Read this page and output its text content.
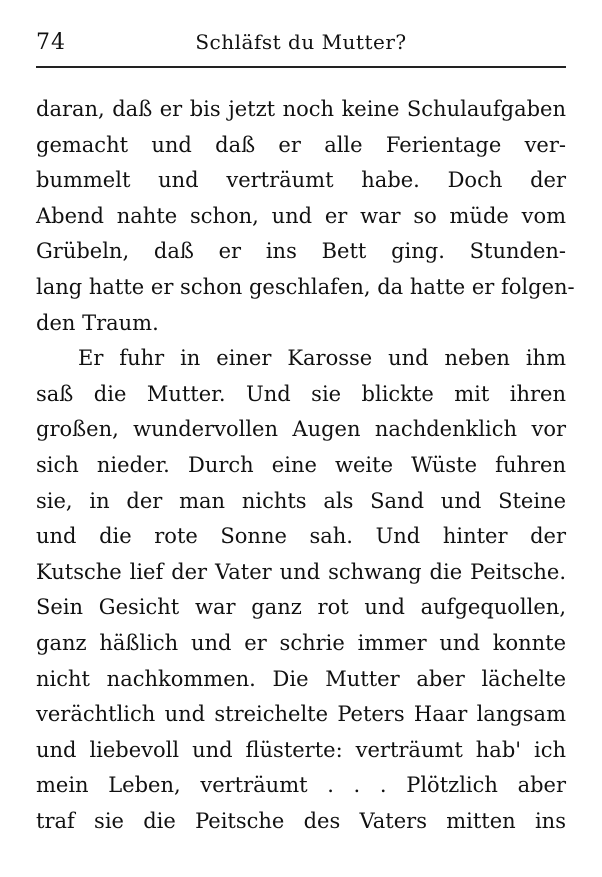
74	Schläfst du Mutter?
daran, daß er bis jetzt noch keine Schulaufgaben
gemacht und daß er alle Ferientage ver-
bummelt und verträumt habe. Doch der
Abend nahte schon, und er war so müde vom
Grübeln, daß er ins Bett ging. Stunden-
lang hatte er schon geschlafen, da hatte er folgen-
den Traum.
Er fuhr in einer Karosse und neben ihm
saß die Mutter. Und sie blickte mit ihren
großen, wundervollen Augen nachdenklich vor
sich nieder. Durch eine weite Wüste fuhren
sie, in der man nichts als Sand und Steine
und die rote Sonne sah. Und hinter der
Kutsche lief der Vater und schwang die Peitsche.
Sein Gesicht war ganz rot und aufgequollen,
ganz häßlich und er schrie immer und konnte
nicht nachkommen. Die Mutter aber lächelte
verächtlich und streichelte Peters Haar langsam
und liebevoll und flüsterte: verträumt hab' ich
mein Leben, verträumt . . . Plötzlich aber
traf sie die Peitsche des Vaters mitten ins
